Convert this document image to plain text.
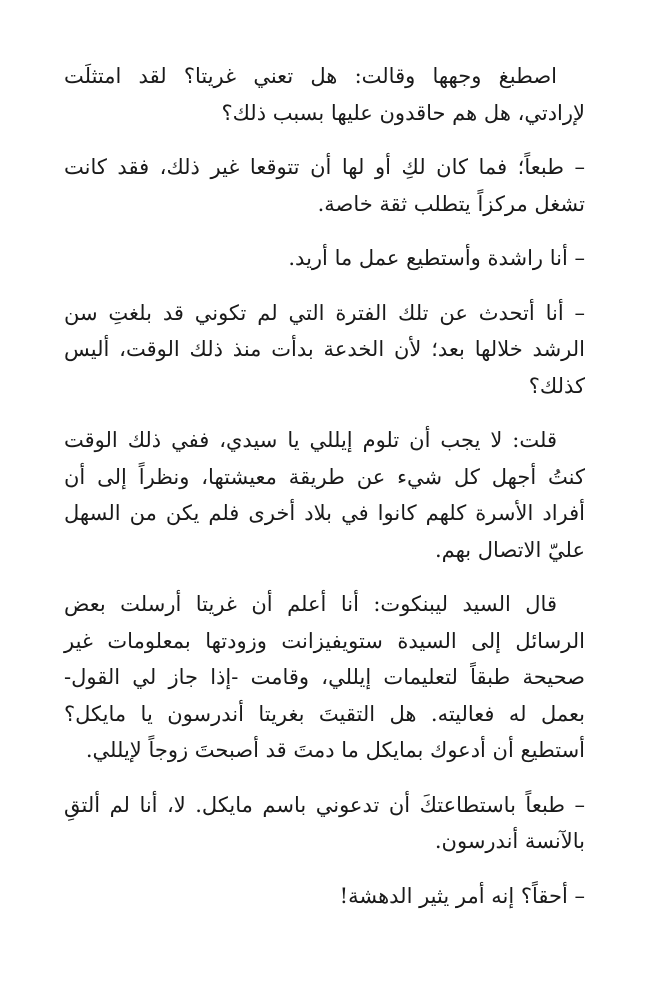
اصطبغ وجهها وقالت: هل تعني غريتا؟ لقد امتثلَت لإرادتي، هل هم حاقدون عليها بسبب ذلك؟

– طبعاً؛ فما كان لكِ أو لها أن تتوقعا غير ذلك، فقد كانت تشغل مركزاً يتطلب ثقة خاصة.

– أنا راشدة وأستطيع عمل ما أريد.

– أنا أتحدث عن تلك الفترة التي لم تكوني قد بلغتِ سن الرشد خلالها بعد؛ لأن الخدعة بدأت منذ ذلك الوقت، أليس كذلك؟

قلت: لا يجب أن تلوم إيللي يا سيدي، ففي ذلك الوقت كنتُ أجهل كل شيء عن طريقة معيشتها، ونظراً إلى أن أفراد الأسرة كلهم كانوا في بلاد أخرى فلم يكن من السهل عليّ الاتصال بهم.

قال السيد ليبنكوت: أنا أعلم أن غريتا أرسلت بعض الرسائل إلى السيدة ستويفيزانت وزودتها بمعلومات غير صحيحة طبقاً لتعليمات إيللي، وقامت -إذا جاز لي القول- بعمل له فعاليته. هل التقيتَ بغريتا أندرسون يا مايكل؟ أستطيع أن أدعوك بمايكل ما دمتَ قد أصبحتَ زوجاً لإيللي.

– طبعاً باستطاعتكَ أن تدعوني باسم مايكل. لا، أنا لم ألتقِ بالآنسة أندرسون.

– أحقاً؟ إنه أمر يثير الدهشة!
